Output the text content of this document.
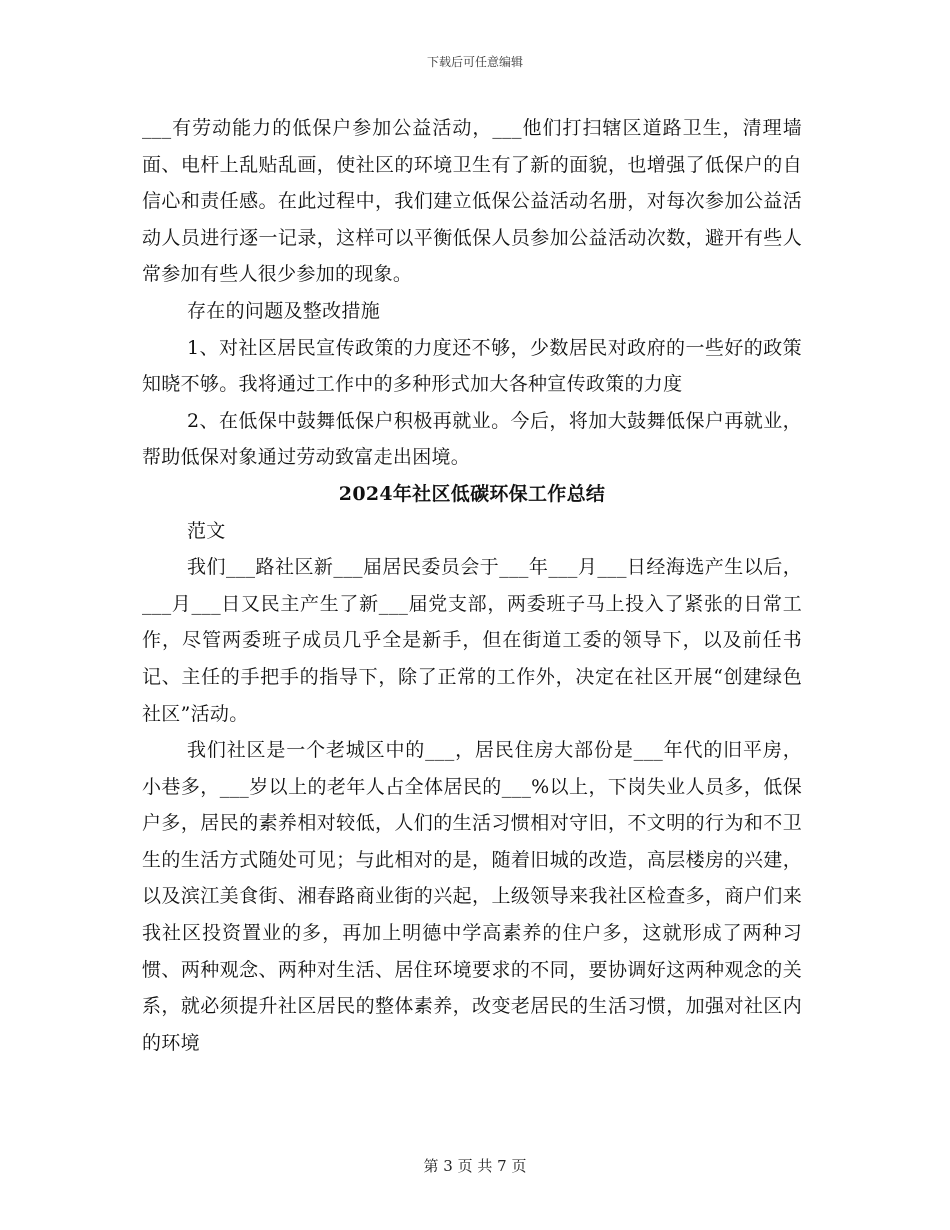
下载后可任意编辑

___有劳动能力的低保户参加公益活动，___他们打扫辖区道路卫生，清理墙面、电杆上乱贴乱画，使社区的环境卫生有了新的面貌，也增强了低保户的自信心和责任感。在此过程中，我们建立低保公益活动名册，对每次参加公益活动人员进行逐一记录，这样可以平衡低保人员参加公益活动次数，避开有些人常参加有些人很少参加的现象。

存在的问题及整改措施

1、对社区居民宣传政策的力度还不够，少数居民对政府的一些好的政策知晓不够。我将通过工作中的多种形式加大各种宣传政策的力度

2、在低保中鼓舞低保户积极再就业。今后，将加大鼓舞低保户再就业，帮助低保对象通过劳动致富走出困境。

2024年社区低碳环保工作总结

范文

我们___路社区新___届居民委员会于___年___月___日经海选产生以后，___月___日又民主产生了新___届党支部，两委班子马上投入了紧张的日常工作，尽管两委班子成员几乎全是新手，但在街道工委的领导下，以及前任书记、主任的手把手的指导下，除了正常的工作外，决定在社区开展“创建绿色社区”活动。

我们社区是一个老城区中的___，居民住房大部份是___年代的旧平房，小巷多，___岁以上的老年人占全体居民的___%以上，下岗失业人员多，低保户多，居民的素养相对较低，人们的生活习惯相对守旧，不文明的行为和不卫生的生活方式随处可见；与此相对的是，随着旧城的改造，高层楼房的兴建，以及滨江美食街、湘春路商业街的兴起，上级领导来我社区检查多，商户们来我社区投资置业的多，再加上明德中学高素养的住户多，这就形成了两种习惯、两种观念、两种对生活、居住环境要求的不同，要协调好这两种观念的关系，就必须提升社区居民的整体素养，改变老居民的生活习惯，加强对社区内的环境

第 3 页 共 7 页
